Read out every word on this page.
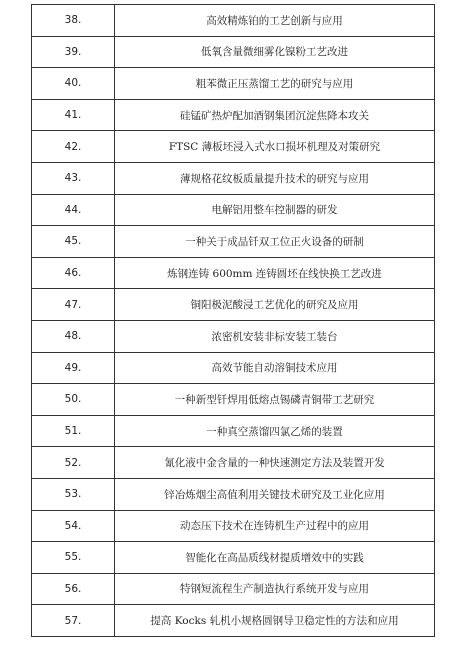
38.	高效精炼铂的工艺创新与应用
39.	低氧含量微细雾化镍粉工艺改进
40.	粗苯微正压蒸馏工艺的研究与应用
41.	硅锰矿热炉配加酒钢集团沉淀焦降本攻关
42.	FTSC 薄板坯浸入式水口损坏机理及对策研究
43.	薄规格花纹板质量提升技术的研究与应用
44.	电解铝用整车控制器的研发
45.	一种关于成品钎双工位正火设备的研制
46.	炼钢连铸 600mm 连铸圆坯在线快换工艺改进
47.	铜阳极泥酸浸工艺优化的研究及应用
48.	浓密机安装非标安装工装台
49.	高效节能自动溶铜技术应用
50.	一种新型钎焊用低熔点锡磷青铜带工艺研究
51.	一种真空蒸馏四氯乙烯的装置
52.	氰化液中金含量的一种快速测定方法及装置开发
53.	锌冶炼烟尘高值利用关键技术研究及工业化应用
54.	动态压下技术在连铸机生产过程中的应用
55.	智能化在高品质线材提质增效中的实践
56.	特钢短流程生产制造执行系统开发与应用
57.	提高 Kocks 轧机小规格圆钢导卫稳定性的方法和应用
